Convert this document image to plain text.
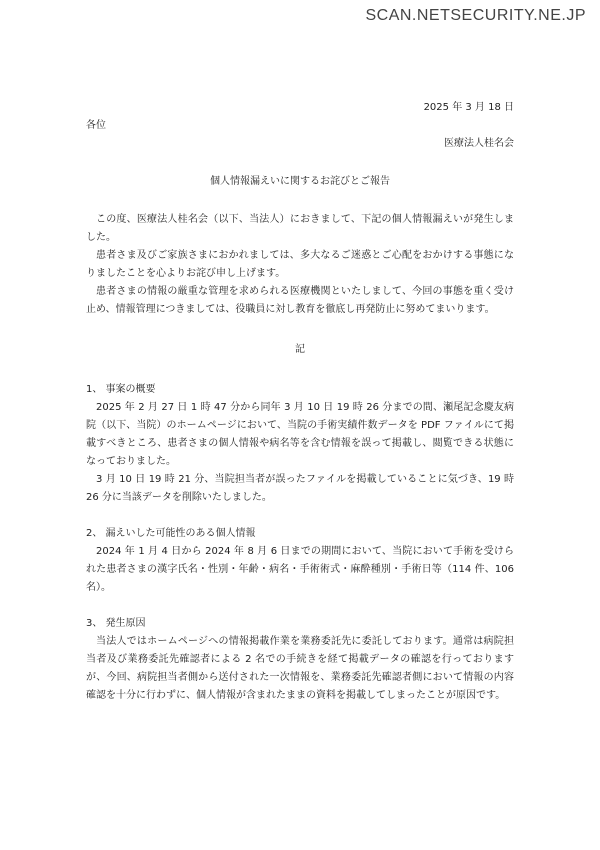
SCAN.NETSECURITY.NE.JP
2025 年 3 月 18 日
各位
医療法人桂名会
個人情報漏えいに関するお詫びとご報告

この度、医療法人桂名会（以下、当法人）におきまして、下記の個人情報漏えいが発生しました。

患者さま及びご家族さまにおかれましては、多大なるご迷惑とご心配をおかけする事態になりましたことを心よりお詫び申し上げます。

患者さまの情報の厳重な管理を求められる医療機関といたしまして、今回の事態を重く受け止め、情報管理につきましては、役職員に対し教育を徹底し再発防止に努めてまいります。

記
1、 事案の概要

2025 年 2 月 27 日 1 時 47 分から同年 3 月 10 日 19 時 26 分までの間、瀬尾記念慶友病院（以下、当院）のホームページにおいて、当院の手術実績件数データを PDF ファイルにて掲載すべきところ、患者さまの個人情報や病名等を含む情報を誤って掲載し、閲覧できる状態になっておりました。

3 月 10 日 19 時 21 分、当院担当者が誤ったファイルを掲載していることに気づき、19 時 26 分に当該データを削除いたしました。

2、 漏えいした可能性のある個人情報

2024 年 1 月 4 日から 2024 年 8 月 6 日までの期間において、当院において手術を受けられた患者さまの漢字氏名・性別・年齢・病名・手術術式・麻酔種別・手術日等（114 件、106 名）。

3、 発生原因

当法人ではホームページへの情報掲載作業を業務委託先に委託しております。通常は病院担当者及び業務委託先確認者による 2 名での手続きを経て掲載データの確認を行っておりますが、今回、病院担当者側から送付された一次情報を、業務委託先確認者側において情報の内容確認を十分に行わずに、個人情報が含まれたままの資料を掲載してしまったことが原因です。
